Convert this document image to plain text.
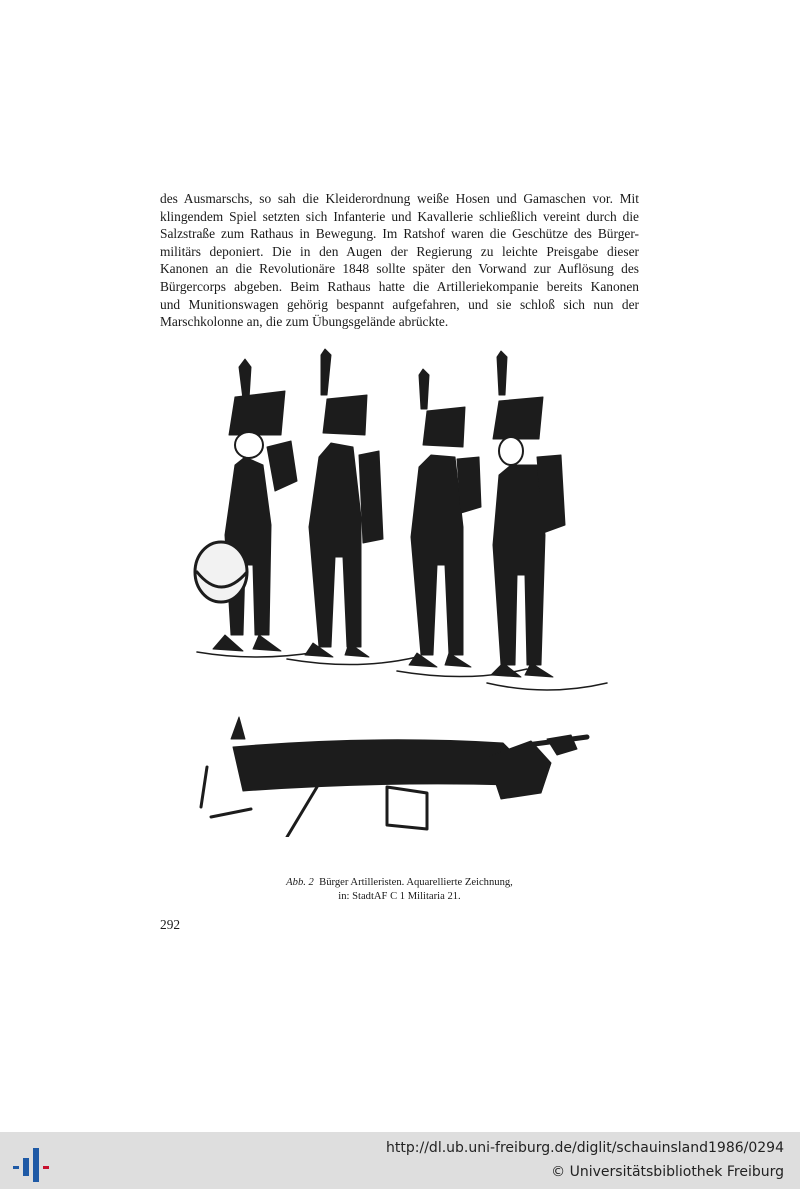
des Ausmarschs, so sah die Kleiderordnung weiße Hosen und Gamaschen vor. Mit
klingendem Spiel setzten sich Infanterie und Kavallerie schließlich vereint durch die
Salzstraße zum Rathaus in Bewegung. Im Ratshof waren die Geschütze des Bürger-
militärs deponiert. Die in den Augen der Regierung zu leichte Preisgabe dieser
Kanonen an die Revolutionäre 1848 sollte später den Vorwand zur Auflösung des
Bürgercorps abgeben. Beim Rathaus hatte die Artilleriekompanie bereits Kanonen
und Munitionswagen gehörig bespannt aufgefahren, und sie schloß sich nun der
Marschkolonne an, die zum Übungsgelände abrückte.
Abb. 2 Bürger Artilleristen. Aquarellierte Zeichnung,
in: StadtAF C 1 Militaria 21.
292
http://dl.ub.uni-freiburg.de/diglit/schauinsland1986/0294
© Universitätsbibliothek Freiburg
